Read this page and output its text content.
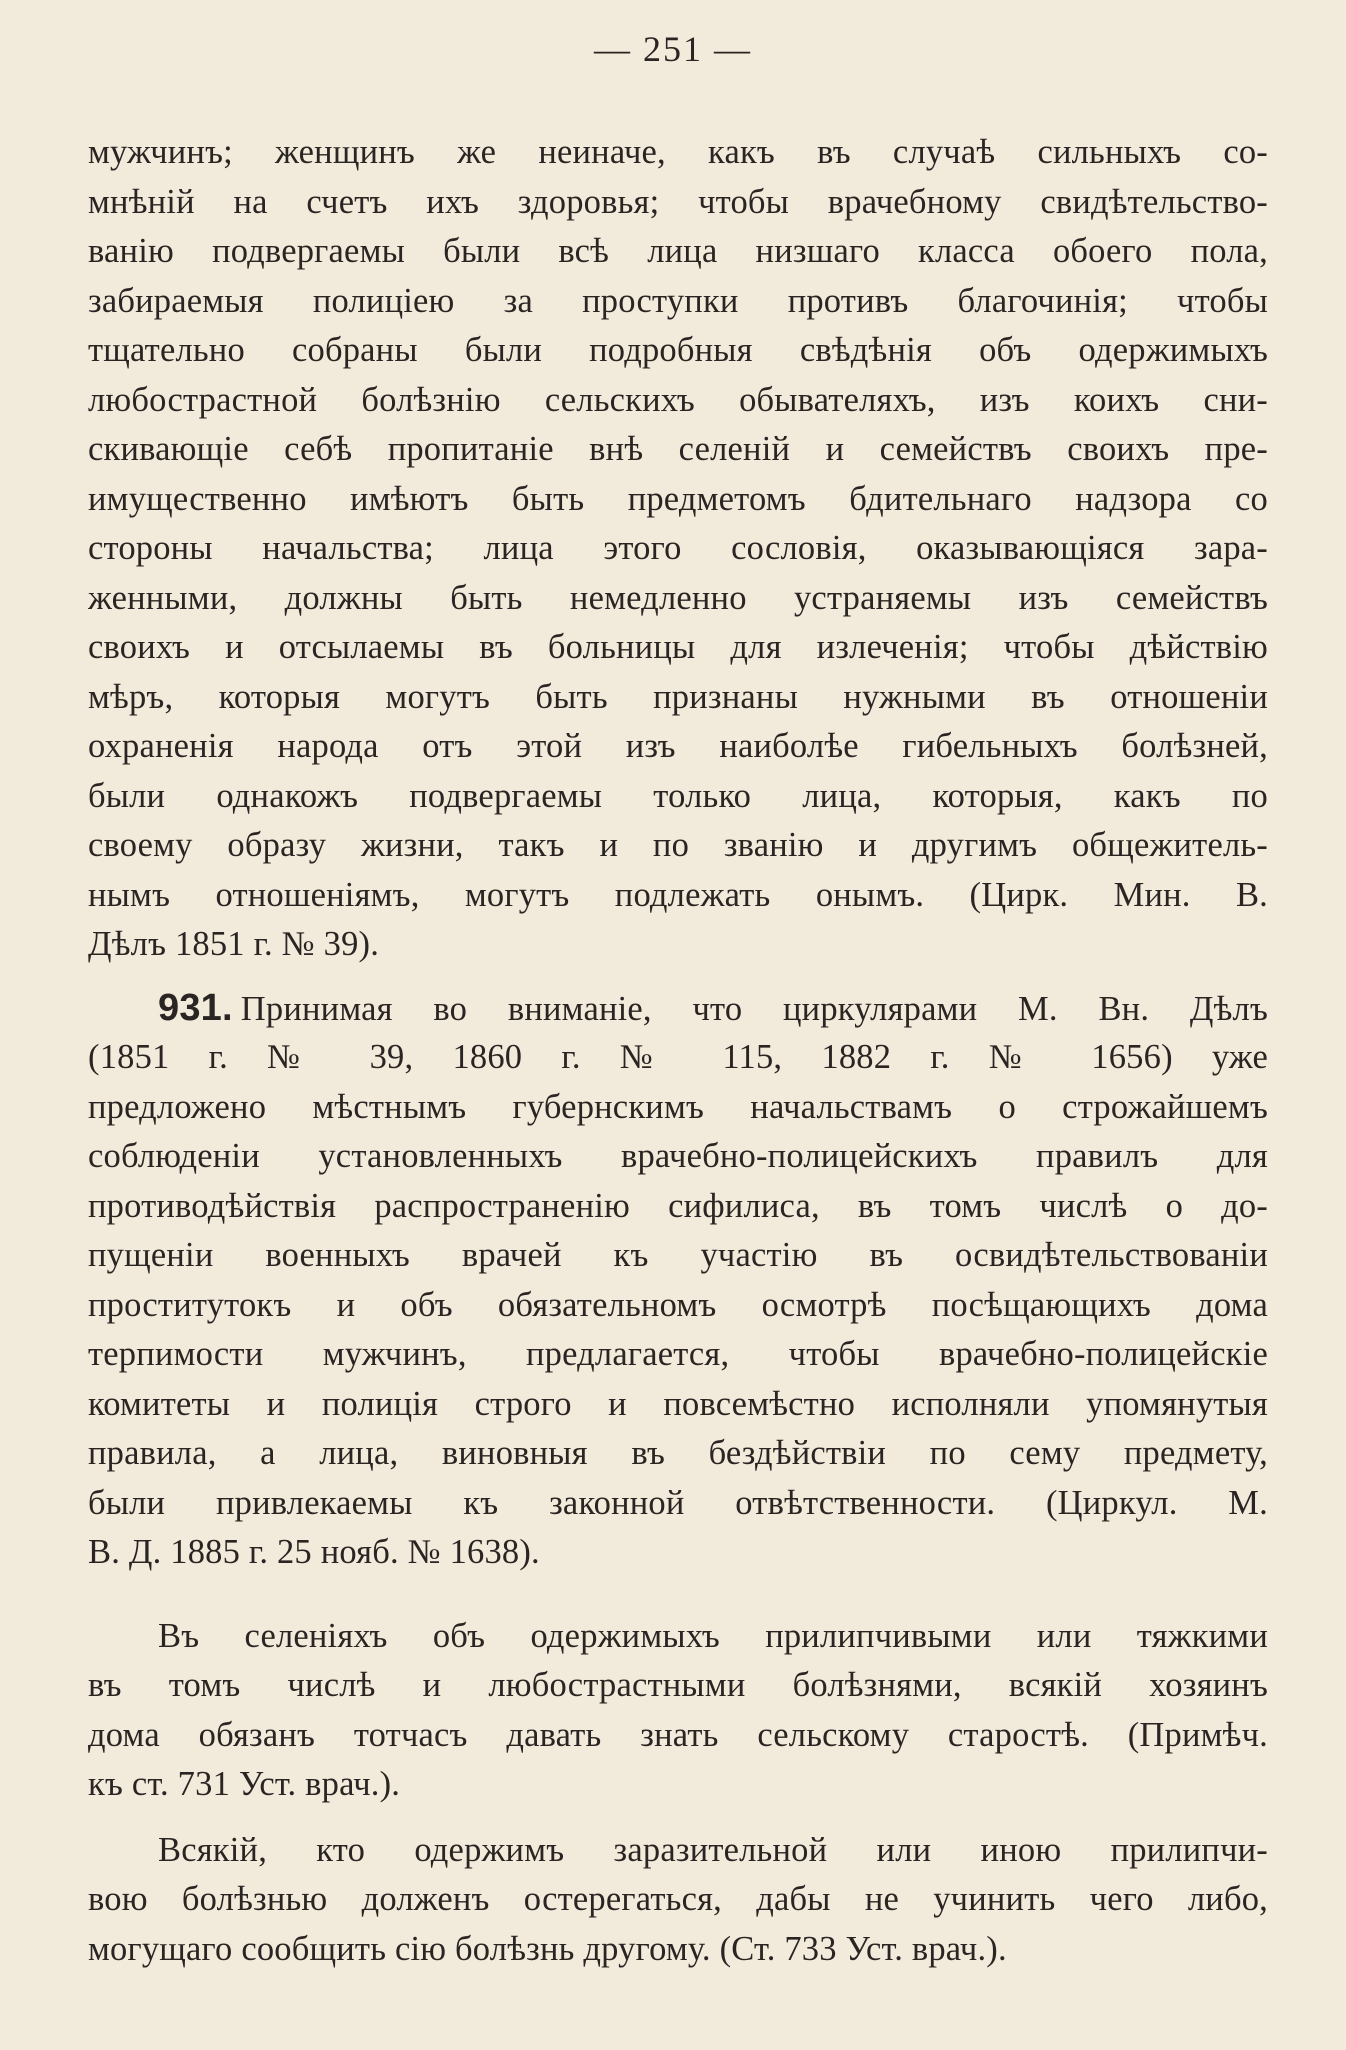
— 251 —
мужчинъ; женщинъ же неиначе, какъ въ случаѣ сильныхъ со-
мнѣній на счетъ ихъ здоровья; чтобы врачебному свидѣтельство-
ванію подвергаемы были всѣ лица низшаго класса обоего пола,
забираемыя полиціею за проступки противъ благочинія; чтобы
тщательно собраны были подробныя свѣдѣнія объ одержимыхъ
любострастной болѣзнію сельскихъ обывателяхъ, изъ коихъ сни-
скивающіе себѣ пропитаніе внѣ селеній и семействъ своихъ пре-
имущественно имѣютъ быть предметомъ бдительнаго надзора со
стороны начальства; лица этого сословія, оказывающіяся зара-
женными, должны быть немедленно устраняемы изъ семействъ
своихъ и отсылаемы въ больницы для излеченія; чтобы дѣйствію
мѣръ, которыя могутъ быть признаны нужными въ отношеніи
охраненія народа отъ этой изъ наиболѣе гибельныхъ болѣзней,
были однакожъ подвергаемы только лица, которыя, какъ по
своему образу жизни, такъ и по званію и другимъ общежитель-
нымъ отношеніямъ, могутъ подлежать онымъ. (Цирк. Мин. В.
Дѣлъ 1851 г. № 39).
931. Принимая во вниманіе, что циркулярами М. Вн. Дѣлъ
(1851 г. № 39, 1860 г. № 115, 1882 г. № 1656) уже
предложено мѣстнымъ губернскимъ начальствамъ о строжайшемъ
соблюденіи установленныхъ врачебно-полицейскихъ правилъ для
противодѣйствія распространенію сифилиса, въ томъ числѣ о до-
пущеніи военныхъ врачей къ участію въ освидѣтельствованіи
проститутокъ и объ обязательномъ осмотрѣ посѣщающихъ дома
терпимости мужчинъ, предлагается, чтобы врачебно-полицейскіе
комитеты и полиція строго и повсемѣстно исполняли упомянутыя
правила, а лица, виновныя въ бездѣйствіи по сему предмету,
были привлекаемы къ законной отвѣтственности. (Циркул. М.
В. Д. 1885 г. 25 нояб. № 1638).
Въ селеніяхъ объ одержимыхъ прилипчивыми или тяжкими
въ томъ числѣ и любострастными болѣзнями, всякій хозяинъ
дома обязанъ тотчасъ давать знать сельскому старостѣ. (Примѣч.
къ ст. 731 Уст. врач.).
Всякій, кто одержимъ заразительной или иною прилипчи-
вою болѣзнью долженъ остерегаться, дабы не учинить чего либо,
могущаго сообщить сію болѣзнь другому. (Ст. 733 Уст. врач.).
